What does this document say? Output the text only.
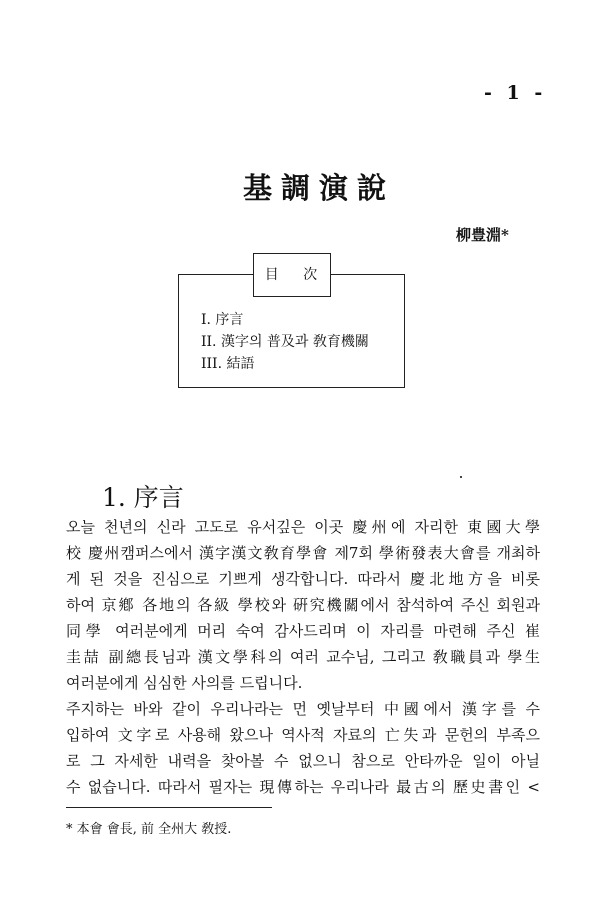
- 1 -
基調演說
柳豊淵*
目 次
I. 序言
II. 漢字의 普及과 敎育機關
III. 結語
1. 序言
오늘 천년의 신라 고도로 유서깊은 이곳 慶州에 자리한 東國大學
校 慶州캠퍼스에서 漢字漢文敎育學會 제7회 學術發表大會를 개최하
게 된 것을 진심으로 기쁘게 생각합니다. 따라서 慶北地方을 비롯
하여 京鄕 各地의 各級 學校와 硏究機關에서 참석하여 주신 회원과
同學 여러분에게 머리 숙여 감사드리며 이 자리를 마련해 주신 崔
圭喆 副總長님과 漢文學科의 여러 교수님, 그리고 敎職員과 學生
여러분에게 심심한 사의를 드립니다.
주지하는 바와 같이 우리나라는 먼 옛날부터 中國에서 漢字를 수
입하여 文字로 사용해 왔으나 역사적 자료의 亡失과 문헌의 부족으
로 그 자세한 내력을 찾아볼 수 없으니 참으로 안타까운 일이 아닐
수 없습니다. 따라서 필자는 現傳하는 우리나라 最古의 歷史書인 <
* 本會 會長, 前 全州大 敎授.
